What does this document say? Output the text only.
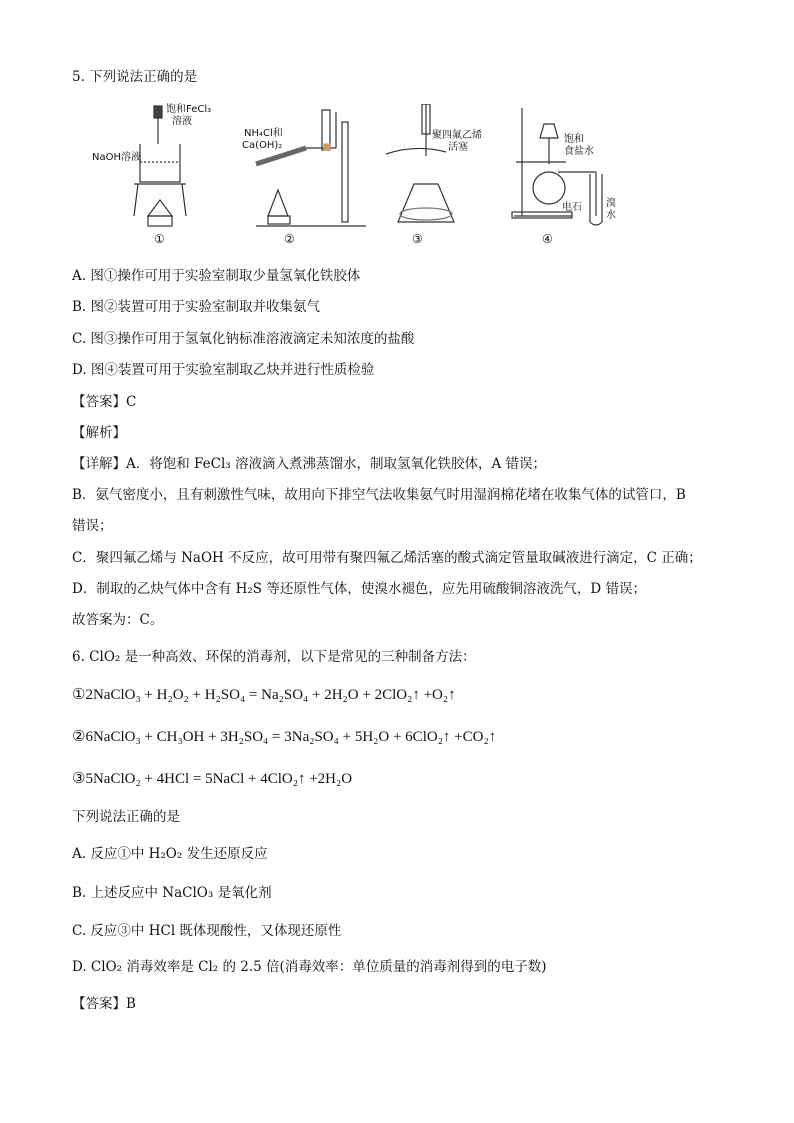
5. 下列说法正确的是
饱和FeCl₃
溶液
NaOH溶液
NH₄Cl和
Ca(OH)₂
聚四氟乙烯
活塞
饱和
食盐水
电石 溴
水
①	②	③	④
A. 图①操作可用于实验室制取少量氢氧化铁胶体
B. 图②装置可用于实验室制取并收集氨气
C. 图③操作可用于氢氧化钠标准溶液滴定未知浓度的盐酸
D. 图④装置可用于实验室制取乙炔并进行性质检验
【答案】C
【解析】
【详解】A．将饱和 FeCl₃ 溶液滴入煮沸蒸馏水，制取氢氧化铁胶体，A 错误；
B．氨气密度小，且有刺激性气味，故用向下排空气法收集氨气时用湿润棉花堵在收集气体的试管口，B
错误；
C．聚四氟乙烯与 NaOH 不反应，故可用带有聚四氟乙烯活塞的酸式滴定管量取碱液进行滴定，C 正确；
D．制取的乙炔气体中含有 H₂S 等还原性气体，使溴水褪色，应先用硫酸铜溶液洗气，D 错误；
故答案为：C。
6. ClO₂ 是一种高效、环保的消毒剂，以下是常见的三种制备方法：
①2NaClO₃ + H₂O₂ + H₂SO₄ = Na₂SO₄ + 2H₂O + 2ClO₂↑ +O₂↑
②6NaClO₃ + CH₃OH + 3H₂SO₄ = 3Na₂SO₄ + 5H₂O + 6ClO₂↑ +CO₂↑
③5NaClO₂ + 4HCl = 5NaCl + 4ClO₂↑ +2H₂O
下列说法正确的是
A. 反应①中 H₂O₂ 发生还原反应
B. 上述反应中 NaClO₃ 是氧化剂
C. 反应③中 HCl 既体现酸性，又体现还原性
D. ClO₂ 消毒效率是 Cl₂ 的 2.5 倍(消毒效率：单位质量的消毒剂得到的电子数)
【答案】B
